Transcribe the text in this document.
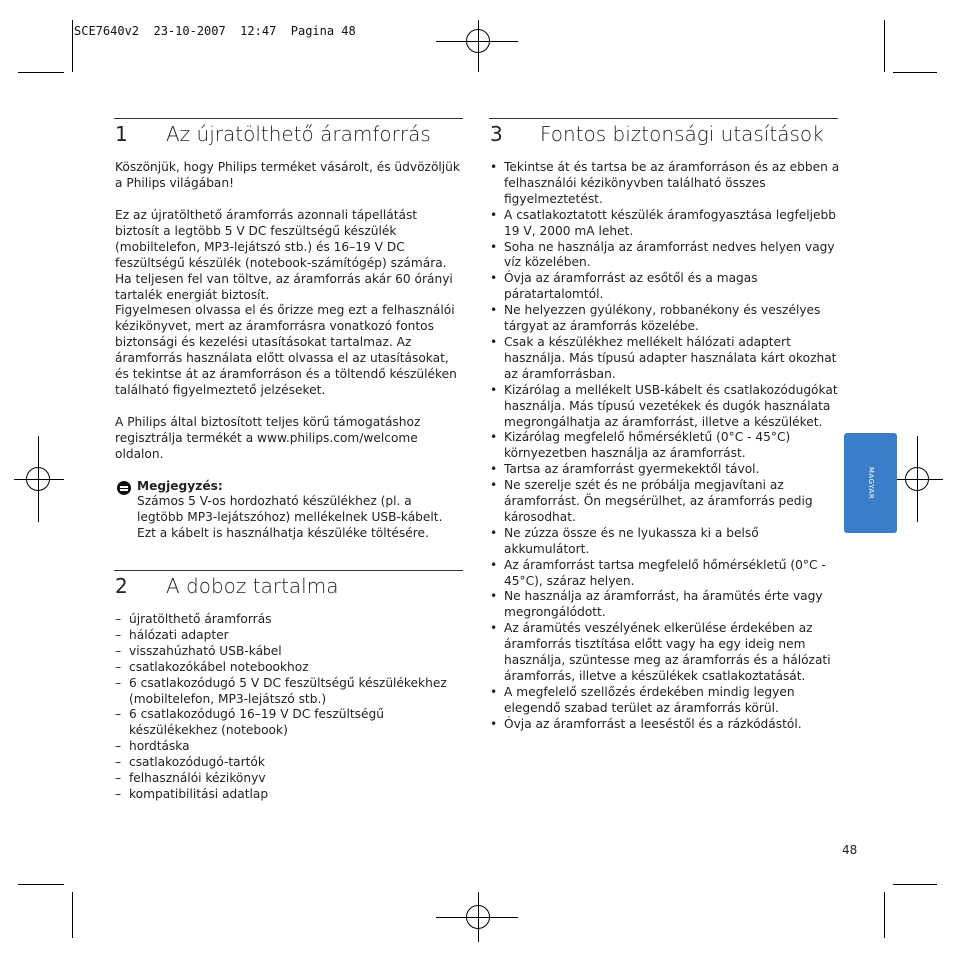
SCE7640v2  23-10-2007  12:47  Pagina 48
1 Az újratölthető áramforrás
Köszönjük, hogy Philips terméket vásárolt, és üdvözöljük a Philips világában!
Ez az újratölthető áramforrás azonnali tápellátást biztosít a legtöbb 5 V DC feszültségű készülék (mobiltelefon, MP3-lejátszó stb.) és 16–19 V DC feszültségű készülék (notebook-számítógép) számára. Ha teljesen fel van töltve, az áramforrás akár 60 órányi tartalék energiát biztosít.
Figyelmesen olvassa el és őrizze meg ezt a felhasználói kézikönyvet, mert az áramforrásra vonatkozó fontos biztonsági és kezelési utasításokat tartalmaz. Az áramforrás használata előtt olvassa el az utasításokat, és tekintse át az áramforráson és a töltendő készüléken található figyelmeztető jelzéseket.
A Philips által biztosított teljes körű támogatáshoz regisztrálja termékét a www.philips.com/welcome oldalon.
Megjegyzés:
Számos 5 V-os hordozható készülékhez (pl. a legtöbb MP3-lejátszóhoz) mellékelnek USB-kábelt. Ezt a kábelt is használhatja készüléke töltésére.
2 A doboz tartalma
– újratölthető áramforrás
– hálózati adapter
– visszahúzható USB-kábel
– csatlakozókábel notebookhoz
– 6 csatlakozódugó 5 V DC feszültségű készülékekhez (mobiltelefon, MP3-lejátszó stb.)
– 6 csatlakozódugó 16–19 V DC feszültségű készülékekhez (notebook)
– hordtáska
– csatlakozódugó-tartók
– felhasználói kézikönyv
– kompatibilitási adatlap
3 Fontos biztonsági utasítások
• Tekintse át és tartsa be az áramforráson és az ebben a felhasználói kézikönyvben található összes figyelmeztetést.
• A csatlakoztatott készülék áramfogyasztása legfeljebb 19 V, 2000 mA lehet.
• Soha ne használja az áramforrást nedves helyen vagy víz közelében.
• Óvja az áramforrást az esőtől és a magas páratartalomtól.
• Ne helyezzen gyúlékony, robbanékony és veszélyes tárgyat az áramforrás közelébe.
• Csak a készülékhez mellékelt hálózati adaptert használja. Más típusú adapter használata kárt okozhat az áramforrásban.
• Kizárólag a mellékelt USB-kábelt és csatlakozódugókat használja. Más típusú vezetékek és dugók használata megrongálhatja az áramforrást, illetve a készüléket.
• Kizárólag megfelelő hőmérsékletű (0°C - 45°C) környezetben használja az áramforrást.
• Tartsa az áramforrást gyermekektől távol.
• Ne szerelje szét és ne próbálja megjavítani az áramforrást. Ön megsérülhet, az áramforrás pedig károsodhat.
• Ne zúzza össze és ne lyukassza ki a belső akkumulátort.
• Az áramforrást tartsa megfelelő hőmérsékletű (0°C - 45°C), száraz helyen.
• Ne használja az áramforrást, ha áramütés érte vagy megrongálódott.
• Az áramütés veszélyének elkerülése érdekében az áramforrás tisztítása előtt vagy ha egy ideig nem használja, szüntesse meg az áramforrás és a hálózati áramforrás, illetve a készülékek csatlakoztatását.
• A megfelelő szellőzés érdekében mindig legyen elegendő szabad terület az áramforrás körül.
• Óvja az áramforrást a leeséstől és a rázkódástól.
MAGYAR
48
